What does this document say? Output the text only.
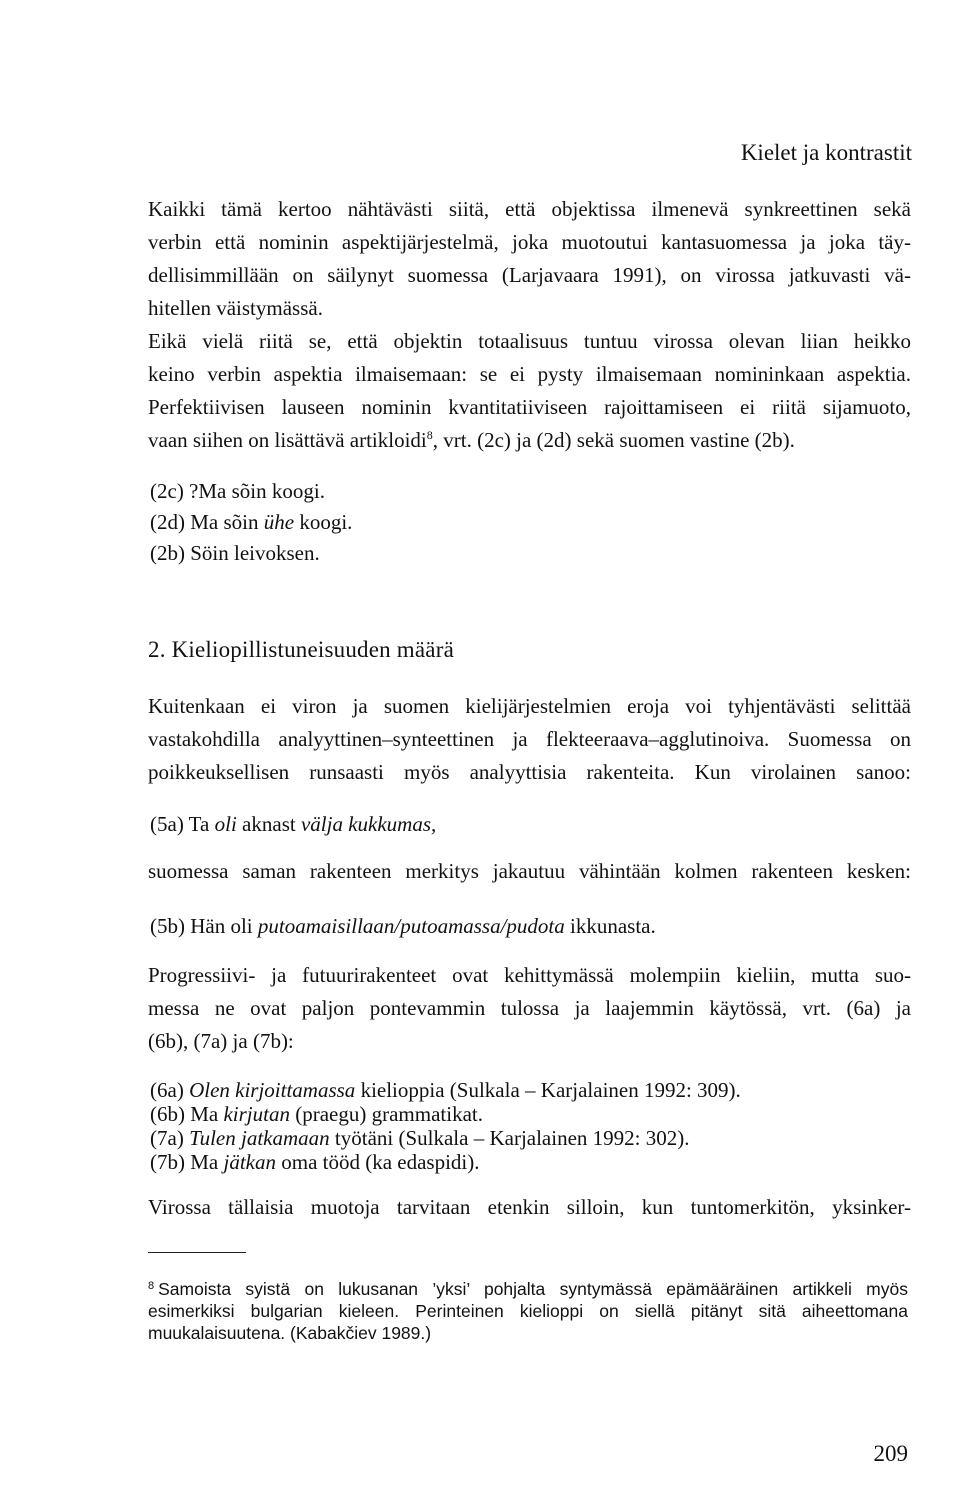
Kielet ja kontrastit
Kaikki tämä kertoo nähtävästi siitä, että objektissa ilmenevä synkreettinen sekä
verbin että nominin aspektijärjestelmä, joka muotoutui kantasuomessa ja joka täy-
dellisimmillään on säilynyt suomessa (Larjavaara 1991), on virossa jatkuvasti vä-
hitellen väistymässä.
Eikä vielä riitä se, että objektin totaalisuus tuntuu virossa olevan liian heikko
keino verbin aspektia ilmaisemaan: se ei pysty ilmaisemaan nomininkaan aspektia.
Perfektiivisen lauseen nominin kvantitatiiviseen rajoittamiseen ei riitä sijamuoto,
vaan siihen on lisättävä artikloidi$^8$, vrt. (2c) ja (2d) sekä suomen vastine (2b).
(2c) ?Ma sõin koogi.
(2d) Ma sõin ühe koogi.
(2b) Söin leivoksen.
2. Kieliopillistuneisuuden määrä
Kuitenkaan ei viron ja suomen kielijärjestelmien eroja voi tyhjentävästi selittää
vastakohdilla analyyttinen–synteettinen ja flekteeraava–agglutinoiva. Suomessa on
poikkeuksellisen runsaasti myös analyyttisia rakenteita. Kun virolainen sanoo:
(5a) Ta oli aknast välja kukkumas,
suomessa saman rakenteen merkitys jakautuu vähintään kolmen rakenteen kesken:
(5b) Hän oli putoamaisillaan/putoamassa/pudota ikkunasta.
Progressiivi- ja futuurirakenteet ovat kehittymässä molempiin kieliin, mutta suo-
messa ne ovat paljon pontevammin tulossa ja laajemmin käytössä, vrt. (6a) ja
(6b), (7a) ja (7b):
(6a) Olen kirjoittamassa kielioppia (Sulkala – Karjalainen 1992: 309).
(6b) Ma kirjutan (praegu) grammatikat.
(7a) Tulen jatkamaan työtäni (Sulkala – Karjalainen 1992: 302).
(7b) Ma jätkan oma tööd (ka edaspidi).
Virossa tällaisia muotoja tarvitaan etenkin silloin, kun tuntomerkitön, yksinker-
$^8$ Samoista syistä on lukusanan ’yksi’ pohjalta syntymässä epämääräinen artikkeli myös
esimerkiksi bulgarian kieleen. Perinteinen kielioppi on siellä pitänyt sitä aiheettomana
muukalaisuutena. (Kabakčiev 1989.)
209
